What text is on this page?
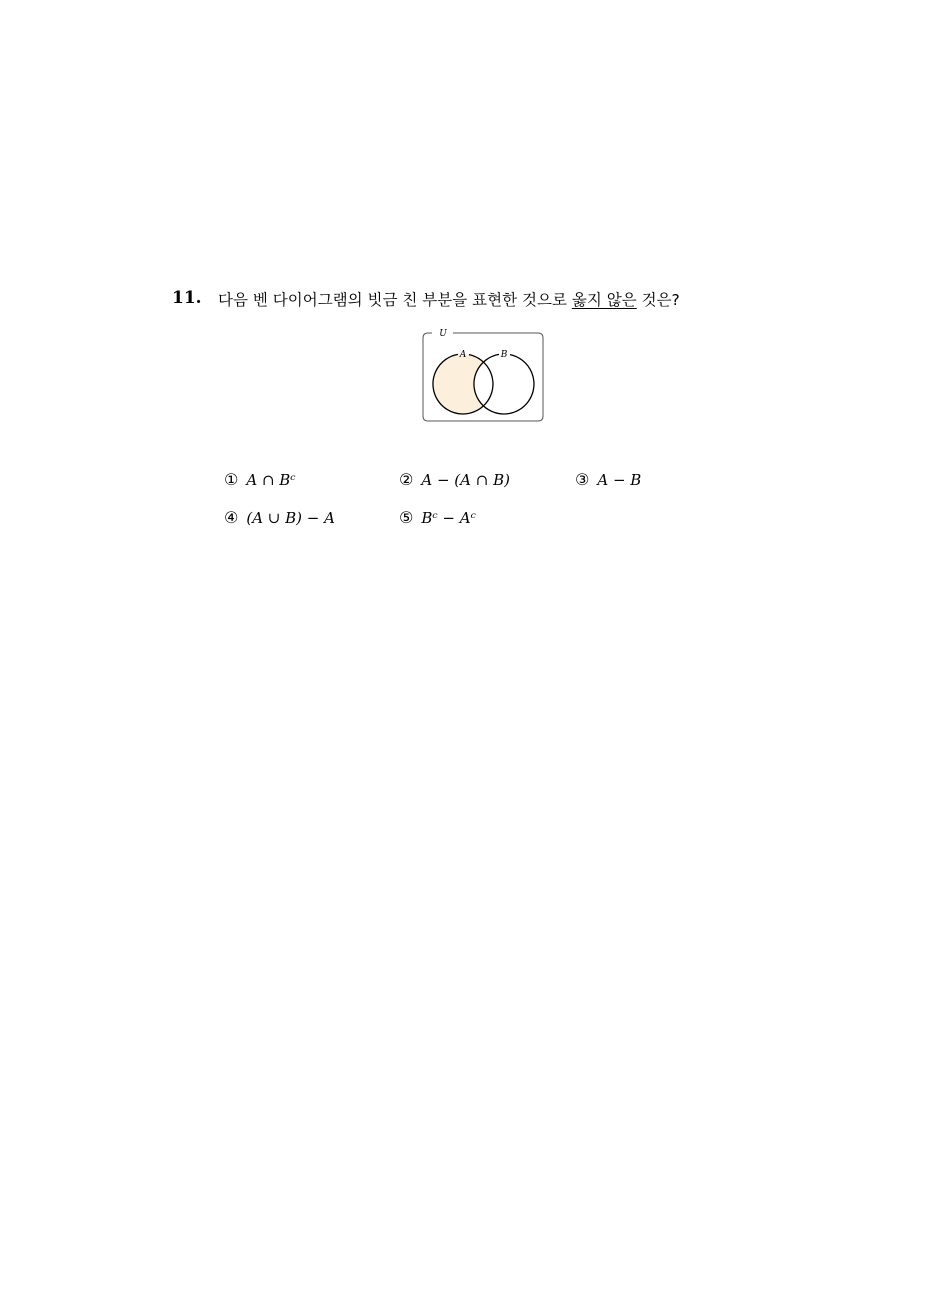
11. 다음 벤 다이어그램의 빗금 친 부분을 표현한 것으로 옳지 않은 것은?
U
A	B
① A ∩ Bᶜ	② A − (A ∩ B)	③ A − B
④ (A ∪ B) − A	⑤ Bᶜ − Aᶜ
